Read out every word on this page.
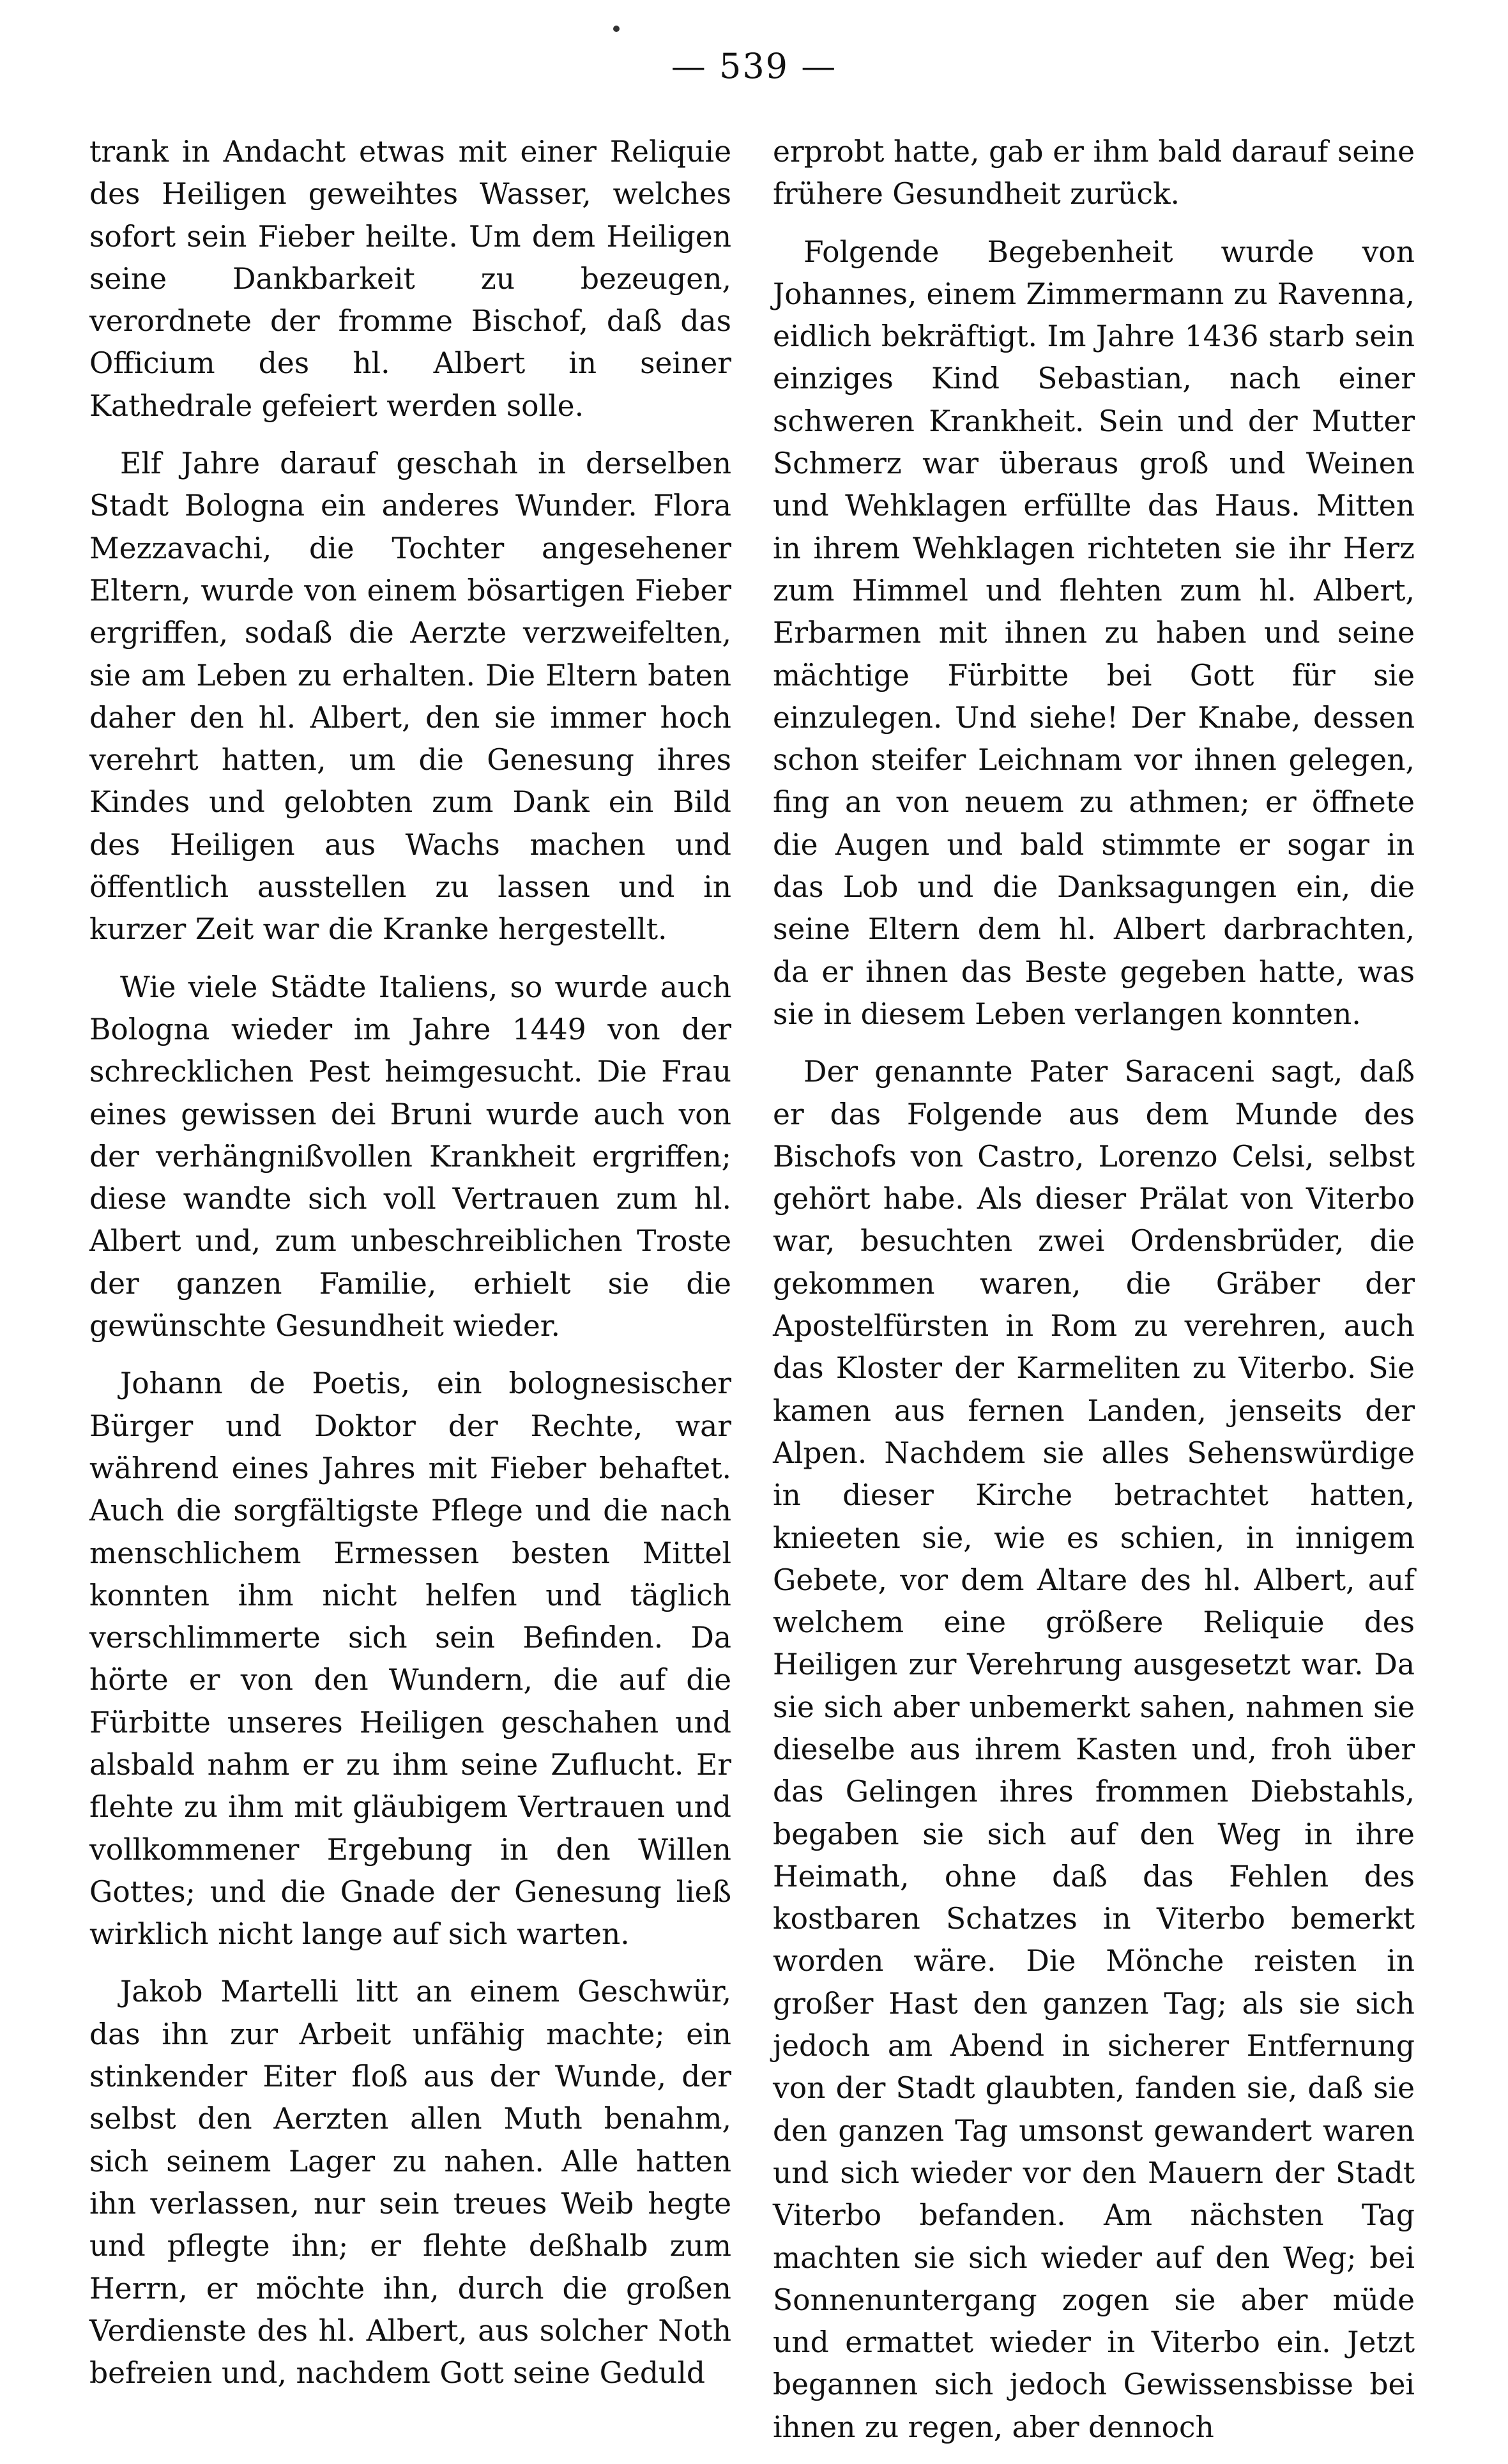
— 539 —

trank in Andacht etwas mit einer Reliquie des Heiligen geweihtes Wasser, welches sofort sein Fieber heilte. Um dem Heiligen seine Dankbarkeit zu bezeugen, verordnete der fromme Bischof, daß das Officium des hl. Albert in seiner Kathedrale gefeiert werden solle.

Elf Jahre darauf geschah in derselben Stadt Bologna ein anderes Wunder. Flora Mezzavachi, die Tochter angesehener Eltern, wurde von einem bösartigen Fieber ergriffen, sodaß die Aerzte verzweifelten, sie am Leben zu erhalten. Die Eltern baten daher den hl. Albert, den sie immer hoch verehrt hatten, um die Genesung ihres Kindes und gelobten zum Dank ein Bild des Heiligen aus Wachs machen und öffentlich ausstellen zu lassen und in kurzer Zeit war die Kranke hergestellt.

Wie viele Städte Italiens, so wurde auch Bologna wieder im Jahre 1449 von der schrecklichen Pest heimgesucht. Die Frau eines gewissen dei Bruni wurde auch von der verhängnißvollen Krankheit ergriffen; diese wandte sich voll Vertrauen zum hl. Albert und, zum unbeschreiblichen Troste der ganzen Familie, erhielt sie die gewünschte Gesundheit wieder.

Johann de Poetis, ein bolognesischer Bürger und Doktor der Rechte, war während eines Jahres mit Fieber behaftet. Auch die sorgfältigste Pflege und die nach menschlichem Ermessen besten Mittel konnten ihm nicht helfen und täglich verschlimmerte sich sein Befinden. Da hörte er von den Wundern, die auf die Fürbitte unseres Heiligen geschahen und alsbald nahm er zu ihm seine Zuflucht. Er flehte zu ihm mit gläubigem Vertrauen und vollkommener Ergebung in den Willen Gottes; und die Gnade der Genesung ließ wirklich nicht lange auf sich warten.

Jakob Martelli litt an einem Geschwür, das ihn zur Arbeit unfähig machte; ein stinkender Eiter floß aus der Wunde, der selbst den Aerzten allen Muth benahm, sich seinem Lager zu nahen. Alle hatten ihn verlassen, nur sein treues Weib hegte und pflegte ihn; er flehte deßhalb zum Herrn, er möchte ihn, durch die großen Verdienste des hl. Albert, aus solcher Noth befreien und, nachdem Gott seine Geduld

erprobt hatte, gab er ihm bald darauf seine frühere Gesundheit zurück.

Folgende Begebenheit wurde von Johannes, einem Zimmermann zu Ravenna, eidlich bekräftigt. Im Jahre 1436 starb sein einziges Kind Sebastian, nach einer schweren Krankheit. Sein und der Mutter Schmerz war überaus groß und Weinen und Wehklagen erfüllte das Haus. Mitten in ihrem Wehklagen richteten sie ihr Herz zum Himmel und flehten zum hl. Albert, Erbarmen mit ihnen zu haben und seine mächtige Fürbitte bei Gott für sie einzulegen. Und siehe! Der Knabe, dessen schon steifer Leichnam vor ihnen gelegen, fing an von neuem zu athmen; er öffnete die Augen und bald stimmte er sogar in das Lob und die Danksagungen ein, die seine Eltern dem hl. Albert darbrachten, da er ihnen das Beste gegeben hatte, was sie in diesem Leben verlangen konnten.

Der genannte Pater Saraceni sagt, daß er das Folgende aus dem Munde des Bischofs von Castro, Lorenzo Celsi, selbst gehört habe. Als dieser Prälat von Viterbo war, besuchten zwei Ordensbrüder, die gekommen waren, die Gräber der Apostelfürsten in Rom zu verehren, auch das Kloster der Karmeliten zu Viterbo. Sie kamen aus fernen Landen, jenseits der Alpen. Nachdem sie alles Sehenswürdige in dieser Kirche betrachtet hatten, knieeten sie, wie es schien, in innigem Gebete, vor dem Altare des hl. Albert, auf welchem eine größere Reliquie des Heiligen zur Verehrung ausgesetzt war. Da sie sich aber unbemerkt sahen, nahmen sie dieselbe aus ihrem Kasten und, froh über das Gelingen ihres frommen Diebstahls, begaben sie sich auf den Weg in ihre Heimath, ohne daß das Fehlen des kostbaren Schatzes in Viterbo bemerkt worden wäre. Die Mönche reisten in großer Hast den ganzen Tag; als sie sich jedoch am Abend in sicherer Entfernung von der Stadt glaubten, fanden sie, daß sie den ganzen Tag umsonst gewandert waren und sich wieder vor den Mauern der Stadt Viterbo befanden. Am nächsten Tag machten sie sich wieder auf den Weg; bei Sonnenuntergang zogen sie aber müde und ermattet wieder in Viterbo ein. Jetzt begannen sich jedoch Gewissensbisse bei ihnen zu regen, aber dennoch
